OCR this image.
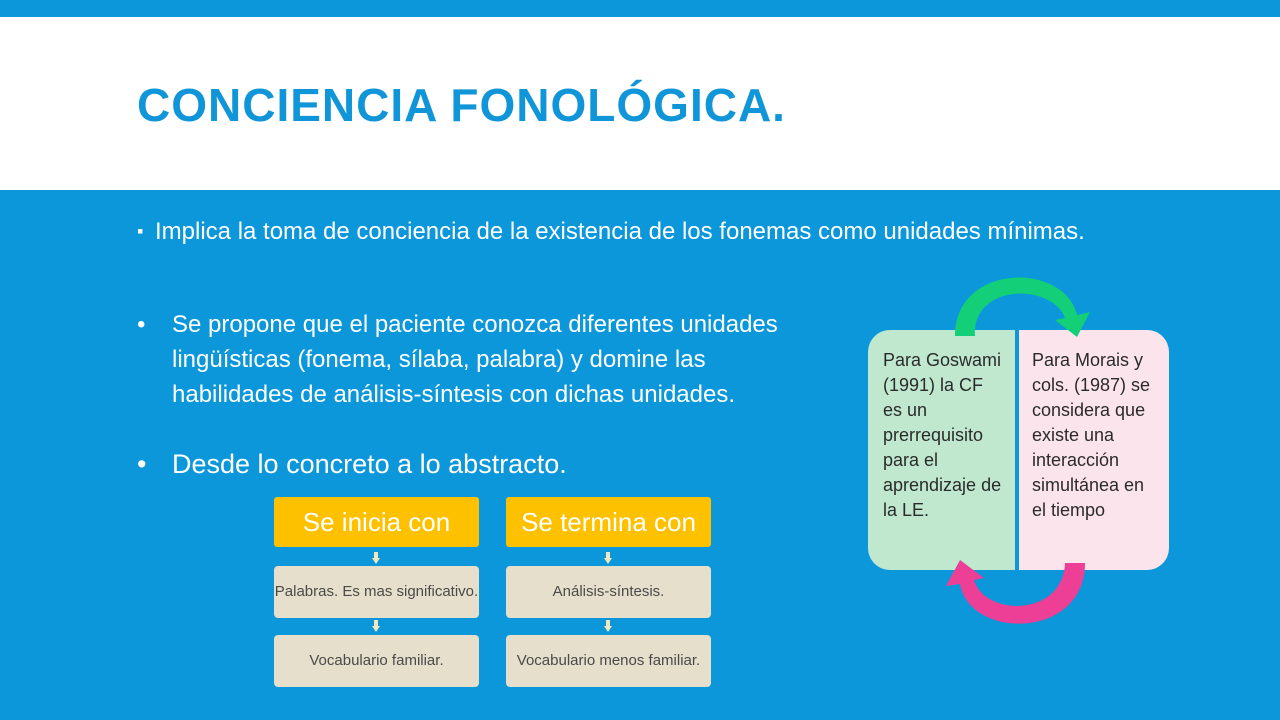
CONCIENCIA FONOLÓGICA.
▪ Implica la toma de conciencia de la existencia de los fonemas como unidades mínimas.
•	Se propone que el paciente conozca diferentes unidades lingüísticas (fonema, sílaba, palabra) y domine las habilidades de análisis-síntesis con dichas unidades.
• Desde lo concreto a lo abstracto.
Se inicia con
Palabras. Es mas significativo.
Vocabulario familiar.
Se termina con
Análisis-síntesis.
Vocabulario menos familiar.
Para Goswami (1991) la CF es un prerrequisito para el aprendizaje de la LE.
Para Morais y cols. (1987) se considera que existe una interacción simultánea en el tiempo
